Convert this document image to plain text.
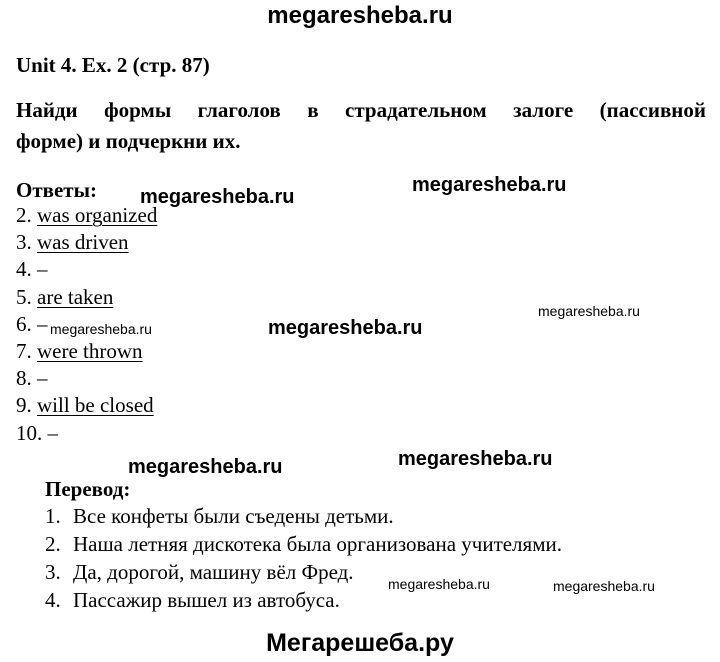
megaresheba.ru
Unit 4. Ex. 2 (стр. 87)
Найди формы глаголов в страдательном залоге (пассивной
форме) и подчеркни их.
Ответы:
2. was organized
3. was driven
4. –
5. are taken
6. –
7. were thrown
8. –
9. will be closed
10. –
Перевод:
1. Все конфеты были съедены детьми.
2. Наша летняя дискотека была организована учителями.
3. Да, дорогой, машину вёл Фред.
4. Пассажир вышел из автобуса.
megaresheba.ru
megaresheba.ru
megaresheba.ru
megaresheba.ru	megaresheba.ru
megaresheba.ru	megaresheba.ru
megaresheba.ru	megaresheba.ru
Мегарешеба.ру
